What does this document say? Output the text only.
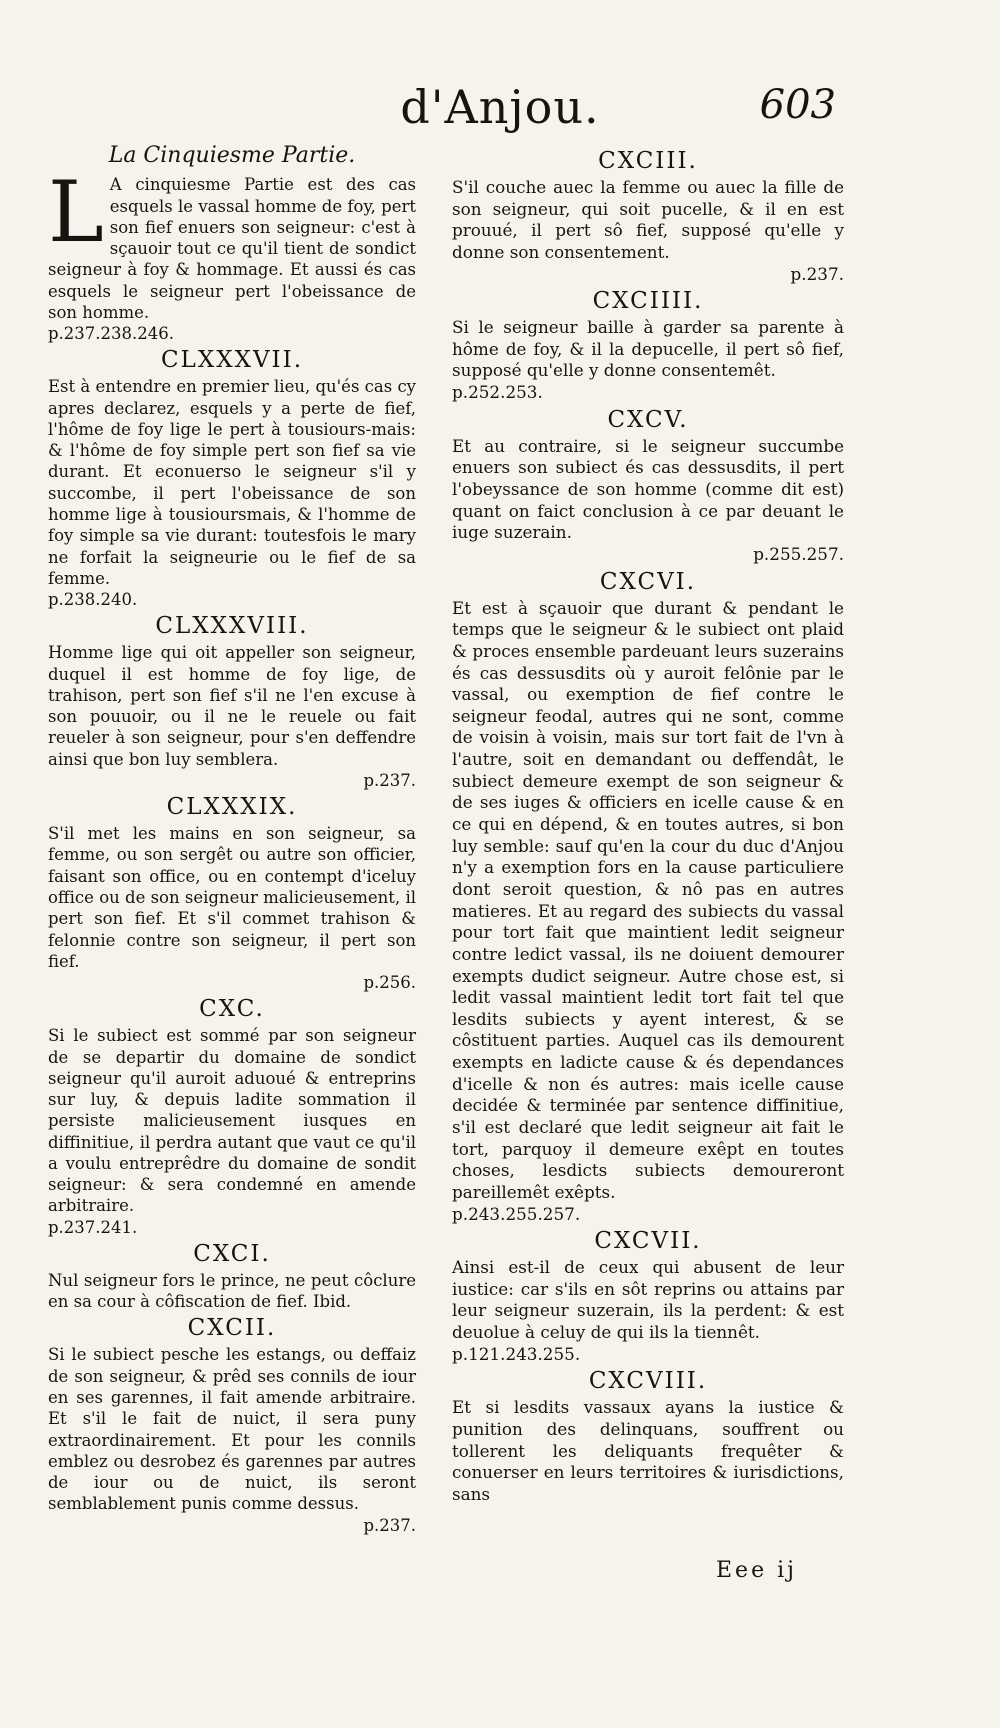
d'Anjou.	603
La Cinquiesme Partie.

L A cinquiesme Partie est des cas esquels le vassal homme de foy, pert son fief enuers son seigneur: c'est à sçauoir tout ce qu'il tient de sondict seigneur à foy & hommage. Et aussi és cas esquels le seigneur pert l'obeissance de son homme.

p.237.238.246.
CLXXXVII.

Est à entendre en premier lieu, qu'és cas cy apres declarez, esquels y a perte de fief, l'hôme de foy lige le pert à tousiours-mais: & l'hôme de foy simple pert son fief sa vie durant. Et econuerso le seigneur s'il y succombe, il pert l'obeissance de son homme lige à tousioursmais, & l'homme de foy simple sa vie durant: toutesfois le mary ne forfait la seigneurie ou le fief de sa femme.

p.238.240.
CLXXXVIII.

Homme lige qui oit appeller son seigneur, duquel il est homme de foy lige, de trahison, pert son fief s'il ne l'en excuse à son pouuoir, ou il ne le reuele ou fait reueler à son seigneur, pour s'en deffendre ainsi que bon luy semblera.

p.237.
CLXXXIX.

S'il met les mains en son seigneur, sa femme, ou son sergêt ou autre son officier, faisant son office, ou en contempt d'iceluy office ou de son seigneur malicieusement, il pert son fief. Et s'il commet trahison & felonnie contre son seigneur, il pert son fief.

p.256.
CXC.

Si le subiect est sommé par son seigneur de se departir du domaine de sondict seigneur qu'il auroit aduoué & entreprins sur luy, & depuis ladite sommation il persiste malicieusement iusques en diffinitiue, il perdra autant que vaut ce qu'il a voulu entreprêdre du domaine de sondit seigneur: & sera condemné en amende arbitraire.

p.237.241.
CXCI.

Nul seigneur fors le prince, ne peut côclure en sa cour à côfiscation de fief. Ibid.

CXCII.

Si le subiect pesche les estangs, ou deffaiz de son seigneur, & prêd ses connils de iour en ses garennes, il fait amende arbitraire. Et s'il le fait de nuict, il sera puny extraordinairement. Et pour les connils emblez ou desrobez és garennes par autres de iour ou de nuict, ils seront semblablement punis comme dessus.

p.237.
CXCIII.

S'il couche auec la femme ou auec la fille de son seigneur, qui soit pucelle, & il en est prouué, il pert sô fief, supposé qu'elle y donne son consentement.

p.237.
CXCIIII.

Si le seigneur baille à garder sa parente à hôme de foy, & il la depucelle, il pert sô fief, supposé qu'elle y donne consentemêt.

p.252.253.
CXCV.

Et au contraire, si le seigneur succumbe enuers son subiect és cas dessusdits, il pert l'obeyssance de son homme (comme dit est) quant on faict conclusion à ce par deuant le iuge suzerain.

p.255.257.
CXCVI.

Et est à sçauoir que durant & pendant le temps que le seigneur & le subiect ont plaid & proces ensemble pardeuant leurs suzerains és cas dessusdits où y auroit felônie par le vassal, ou exemption de fief contre le seigneur feodal, autres qui ne sont, comme de voisin à voisin, mais sur tort fait de l'vn à l'autre, soit en demandant ou deffendât, le subiect demeure exempt de son seigneur & de ses iuges & officiers en icelle cause & en ce qui en dépend, & en toutes autres, si bon luy semble: sauf qu'en la cour du duc d'Anjou n'y a exemption fors en la cause particuliere dont seroit question, & nô pas en autres matieres. Et au regard des subiects du vassal pour tort fait que maintient ledit seigneur contre ledict vassal, ils ne doiuent demourer exempts dudict seigneur. Autre chose est, si ledit vassal maintient ledit tort fait tel que lesdits subiects y ayent interest, & se côstituent parties. Auquel cas ils demourent exempts en ladicte cause & és dependances d'icelle & non és autres: mais icelle cause decidée & terminée par sentence diffinitiue, s'il est declaré que ledit seigneur ait fait le tort, parquoy il demeure exêpt en toutes choses, lesdicts subiects demoureront pareillemêt exêpts.

p.243.255.257.
CXCVII.

Ainsi est-il de ceux qui abusent de leur iustice: car s'ils en sôt reprins ou attains par leur seigneur suzerain, ils la perdent: & est deuolue à celuy de qui ils la tiennêt.

p.121.243.255.
CXCVIII.

Et si lesdits vassaux ayans la iustice & punition des delinquans, souffrent ou tollerent les deliquants frequêter & conuerser en leurs territoires & iurisdictions, sans

Eee ij
